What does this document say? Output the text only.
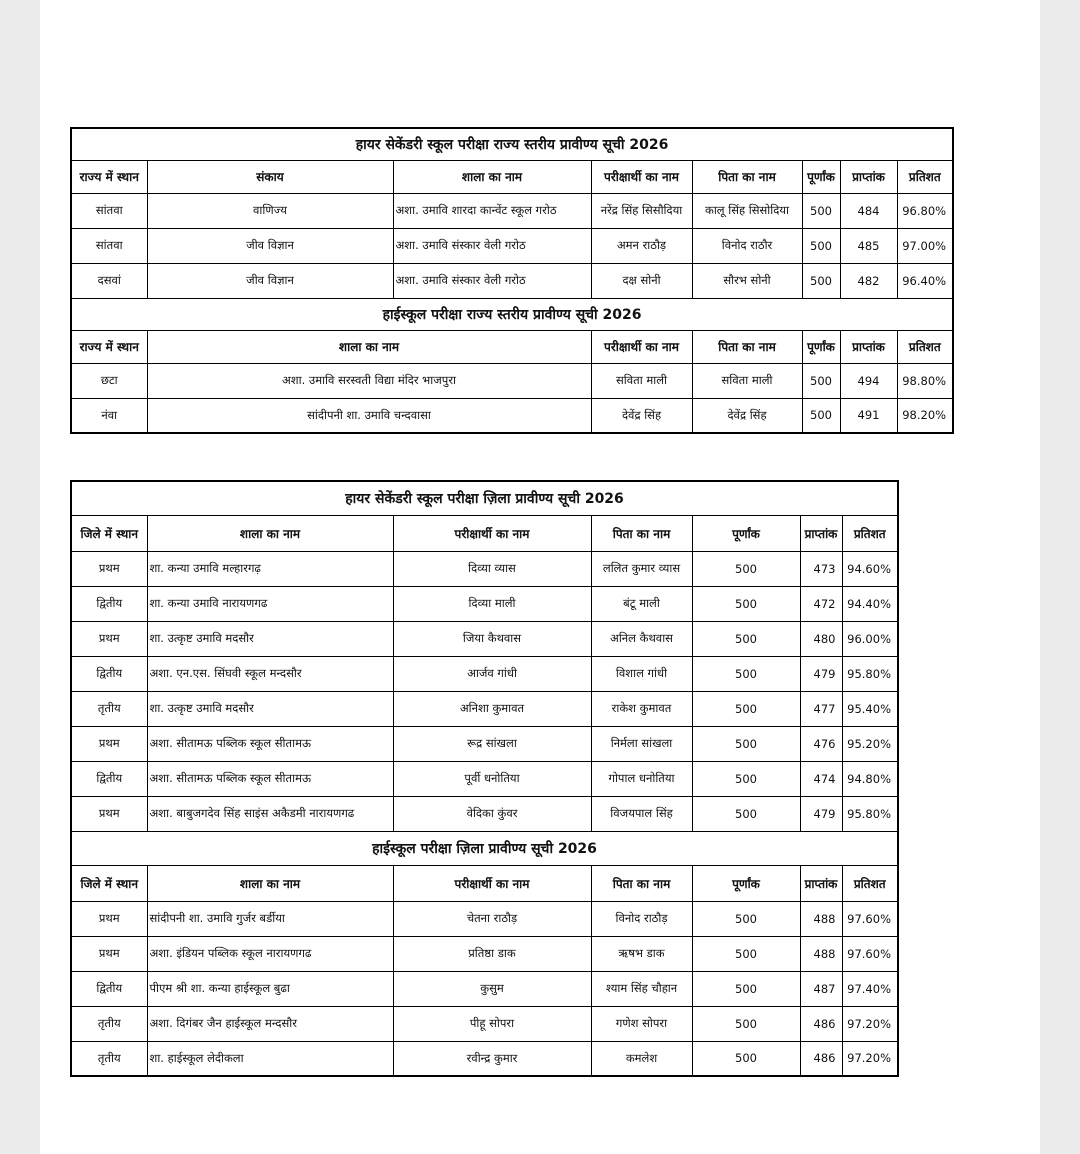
हायर सेकेंडरी स्कूल परीक्षा राज्य स्तरीय प्रावीण्य सूची 2026							
राज्य में स्थान	संकाय	शाला का नाम	परीक्षार्थी का नाम	पिता का नाम	पूर्णांक	प्राप्तांक	प्रतिशत
सांतवा	वाणिज्य	अशा. उमावि शारदा कान्वेंट स्कूल गरोठ	नरेंद्र सिंह सिसौदिया	कालू सिंह सिसोदिया	500	484	96.80%
सांतवा	जीव विज्ञान	अशा. उमावि संस्कार वेली गरोठ	अमन राठौड़	विनोद राठौर	500	485	97.00%
दसवां	जीव विज्ञान	अशा. उमावि संस्कार वेली गरोठ	दक्ष सोनी	सौरभ सोनी	500	482	96.40%
हाईस्कूल परीक्षा राज्य स्तरीय प्रावीण्य सूची 2026							
राज्य में स्थान	शाला का नाम		परीक्षार्थी का नाम	पिता का नाम	पूर्णांक	प्राप्तांक	प्रतिशत
छटा	अशा. उमावि सरस्वती विद्या मंदिर भाजपुरा		सविता माली	सविता माली	500	494	98.80%
नंवा	सांदीपनी शा. उमावि चन्दवासा		देवेंद्र सिंह	देवेंद्र सिंह	500	491	98.20%
हायर सेकेंडरी स्कूल परीक्षा ज़िला प्रावीण्य सूची 2026						
जिले में स्थान	शाला का नाम	परीक्षार्थी का नाम	पिता का नाम	पूर्णांक	प्राप्तांक	प्रतिशत
प्रथम	शा. कन्या उमावि मल्हारगढ़	दिव्या व्यास	ललित कुमार व्यास	500	473	94.60%
द्वितीय	शा. कन्या उमावि नारायणगढ	दिव्या माली	बंटू माली	500	472	94.40%
प्रथम	शा. उत्कृष्ट उमावि मदसौर	जिया कैथवास	अनिल कैथवास	500	480	96.00%
द्वितीय	अशा. एन.एस. सिंघवी स्कूल मन्दसौर	आर्जव गांधी	विशाल गांधी	500	479	95.80%
तृतीय	शा. उत्कृष्ट उमावि मदसौर	अनिशा कुमावत	राकेश कुमावत	500	477	95.40%
प्रथम	अशा. सीतामऊ पब्लिक स्कूल सीतामऊ	रूद्र सांखला	निर्मला सांखला	500	476	95.20%
द्वितीय	अशा. सीतामऊ पब्लिक स्कूल सीतामऊ	पूर्वी धनोतिया	गोपाल धनोतिया	500	474	94.80%
प्रथम	अशा. बाबुजगदेव सिंह साइंस अकैडमी नारायणगढ	वेदिका कुंवर	विजयपाल सिंह	500	479	95.80%
हाईस्कूल परीक्षा ज़िला प्रावीण्य सूची 2026						
जिले में स्थान	शाला का नाम	परीक्षार्थी का नाम	पिता का नाम	पूर्णांक	प्राप्तांक	प्रतिशत
प्रथम	सांदीपनी शा. उमावि गुर्जर बर्डीया	चेतना राठौड़	विनोद राठौड़	500	488	97.60%
प्रथम	अशा. इंडियन पब्लिक स्कूल नारायणगढ	प्रतिष्ठा डाक	ऋषभ डाक	500	488	97.60%
द्वितीय	पीएम श्री शा. कन्या हाईस्कूल बुढा	कुसुम	श्याम सिंह चौहान	500	487	97.40%
तृतीय	अशा. दिगंबर जैन हाईस्कूल मन्दसौर	पीहू सोपरा	गणेश सोपरा	500	486	97.20%
तृतीय	शा. हाईस्कूल लेदीकला	रवीन्द्र कुमार	कमलेश	500	486	97.20%
